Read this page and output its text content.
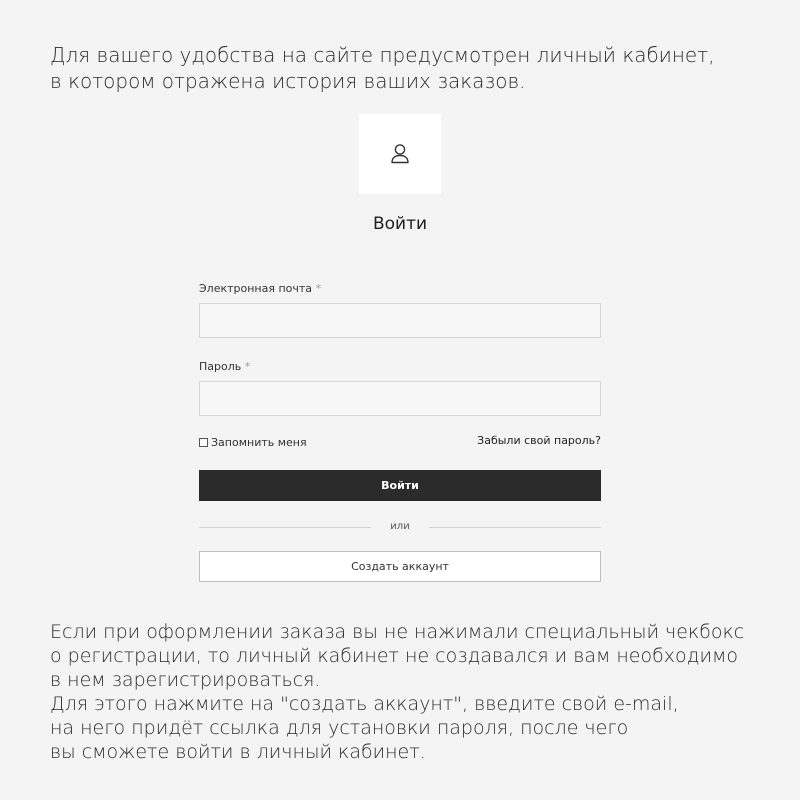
Для вашего удобства на сайте предусмотрен личный кабинет,

в котором отражена история ваших заказов.

Войти
Электронная почта *
Пароль *
Запомнить меня	Забыли свой пароль?
Войти
или
Создать аккаунт

Если при оформлении заказа вы не нажимали специальный чекбокс

о регистрации, то личный кабинет не создавался и вам необходимо

в нем зарегистрироваться.

Для этого нажмите на "создать аккаунт", введите свой e-mail,

на него придёт ссылка для установки пароля, после чего

вы сможете войти в личный кабинет.
